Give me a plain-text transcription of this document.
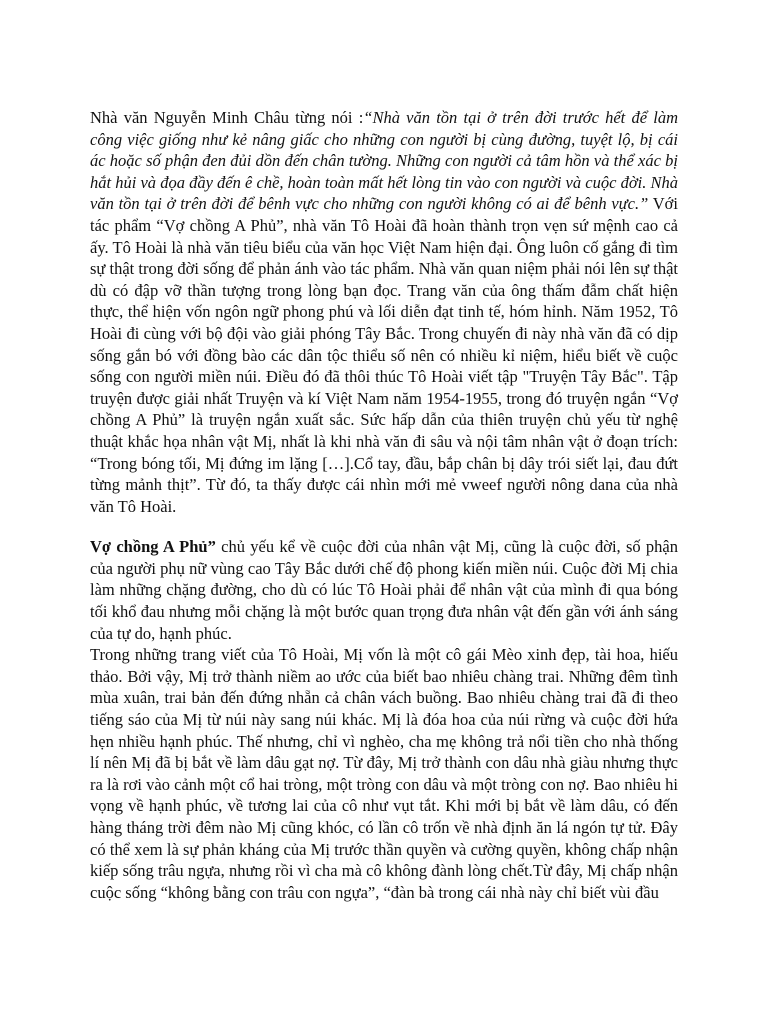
Nhà văn Nguyễn Minh Châu từng nói :“Nhà văn tồn tại ở trên đời trước hết để làm công việc giống như kẻ nâng giấc cho những con người bị cùng đường, tuyệt lộ, bị cái ác hoặc số phận đen đủi dồn đến chân tường. Những con người cả tâm hồn và thể xác bị hắt hủi và đọa đầy đến ê chề, hoàn toàn mất hết lòng tin vào con người và cuộc đời. Nhà văn tồn tại ở trên đời để bênh vực cho những con người không có ai để bênh vực.” Với tác phẩm “Vợ chồng A Phủ”, nhà văn Tô Hoài đã hoàn thành trọn vẹn sứ mệnh cao cả ấy. Tô Hoài là nhà văn tiêu biểu của văn học Việt Nam hiện đại. Ông luôn cố gắng đi tìm sự thật trong đời sống để phản ánh vào tác phẩm. Nhà văn quan niệm phải nói lên sự thật dù có đập vỡ thần tượng trong lòng bạn đọc. Trang văn của ông thấm đẫm chất hiện thực, thể hiện vốn ngôn ngữ phong phú và lối diễn đạt tinh tế, hóm hỉnh. Năm 1952, Tô Hoài đi cùng với bộ đội vào giải phóng Tây Bắc. Trong chuyến đi này nhà văn đã có dịp sống gắn bó với đồng bào các dân tộc thiểu số nên có nhiều kỉ niệm, hiểu biết về cuộc sống con người miền núi. Điều đó đã thôi thúc Tô Hoài viết tập "Truyện Tây Bắc". Tập truyện được giải nhất Truyện và kí Việt Nam năm 1954-1955, trong đó truyện ngắn “Vợ chồng A Phủ” là truyện ngắn xuất sắc. Sức hấp dẫn của thiên truyện chủ yếu từ nghệ thuật khắc họa nhân vật Mị, nhất là khi nhà văn đi sâu và nội tâm nhân vật ở đoạn trích: “Trong bóng tối, Mị đứng im lặng […].Cổ tay, đầu, bắp chân bị dây trói siết lại, đau đứt từng mảnh thịt”. Từ đó, ta thấy được cái nhìn mới mẻ vweef người nông dana của nhà văn Tô Hoài.

Vợ chồng A Phủ” chủ yếu kể về cuộc đời của nhân vật Mị, cũng là cuộc đời, số phận của người phụ nữ vùng cao Tây Bắc dưới chế độ phong kiến miền núi. Cuộc đời Mị chia làm những chặng đường, cho dù có lúc Tô Hoài phải để nhân vật của mình đi qua bóng tối khổ đau nhưng mỗi chặng là một bước quan trọng đưa nhân vật đến gần với ánh sáng của tự do, hạnh phúc.

Trong những trang viết của Tô Hoài, Mị vốn là một cô gái Mèo xinh đẹp, tài hoa, hiếu thảo. Bởi vậy, Mị trở thành niềm ao ước của biết bao nhiêu chàng trai. Những đêm tình mùa xuân, trai bản đến đứng nhẵn cả chân vách buồng. Bao nhiêu chàng trai đã đi theo tiếng sáo của Mị từ núi này sang núi khác. Mị là đóa hoa của núi rừng và cuộc đời hứa hẹn nhiều hạnh phúc. Thế nhưng, chỉ vì nghèo, cha mẹ không trả nổi tiền cho nhà thống lí nên Mị đã bị bắt về làm dâu gạt nợ. Từ đây, Mị trở thành con dâu nhà giàu nhưng thực ra là rơi vào cảnh một cổ hai tròng, một tròng con dâu và một tròng con nợ. Bao nhiêu hi vọng về hạnh phúc, về tương lai của cô như vụt tắt. Khi mới bị bắt về làm dâu, có đến hàng tháng trời đêm nào Mị cũng khóc, có lần cô trốn về nhà định ăn lá ngón tự tử. Đây có thể xem là sự phản kháng của Mị trước thần quyền và cường quyền, không chấp nhận kiếp sống trâu ngựa, nhưng rồi vì cha mà cô không đành lòng chết.Từ đây, Mị chấp nhận cuộc sống “không bằng con trâu con ngựa”, “đàn bà trong cái nhà này chỉ biết vùi đầu
